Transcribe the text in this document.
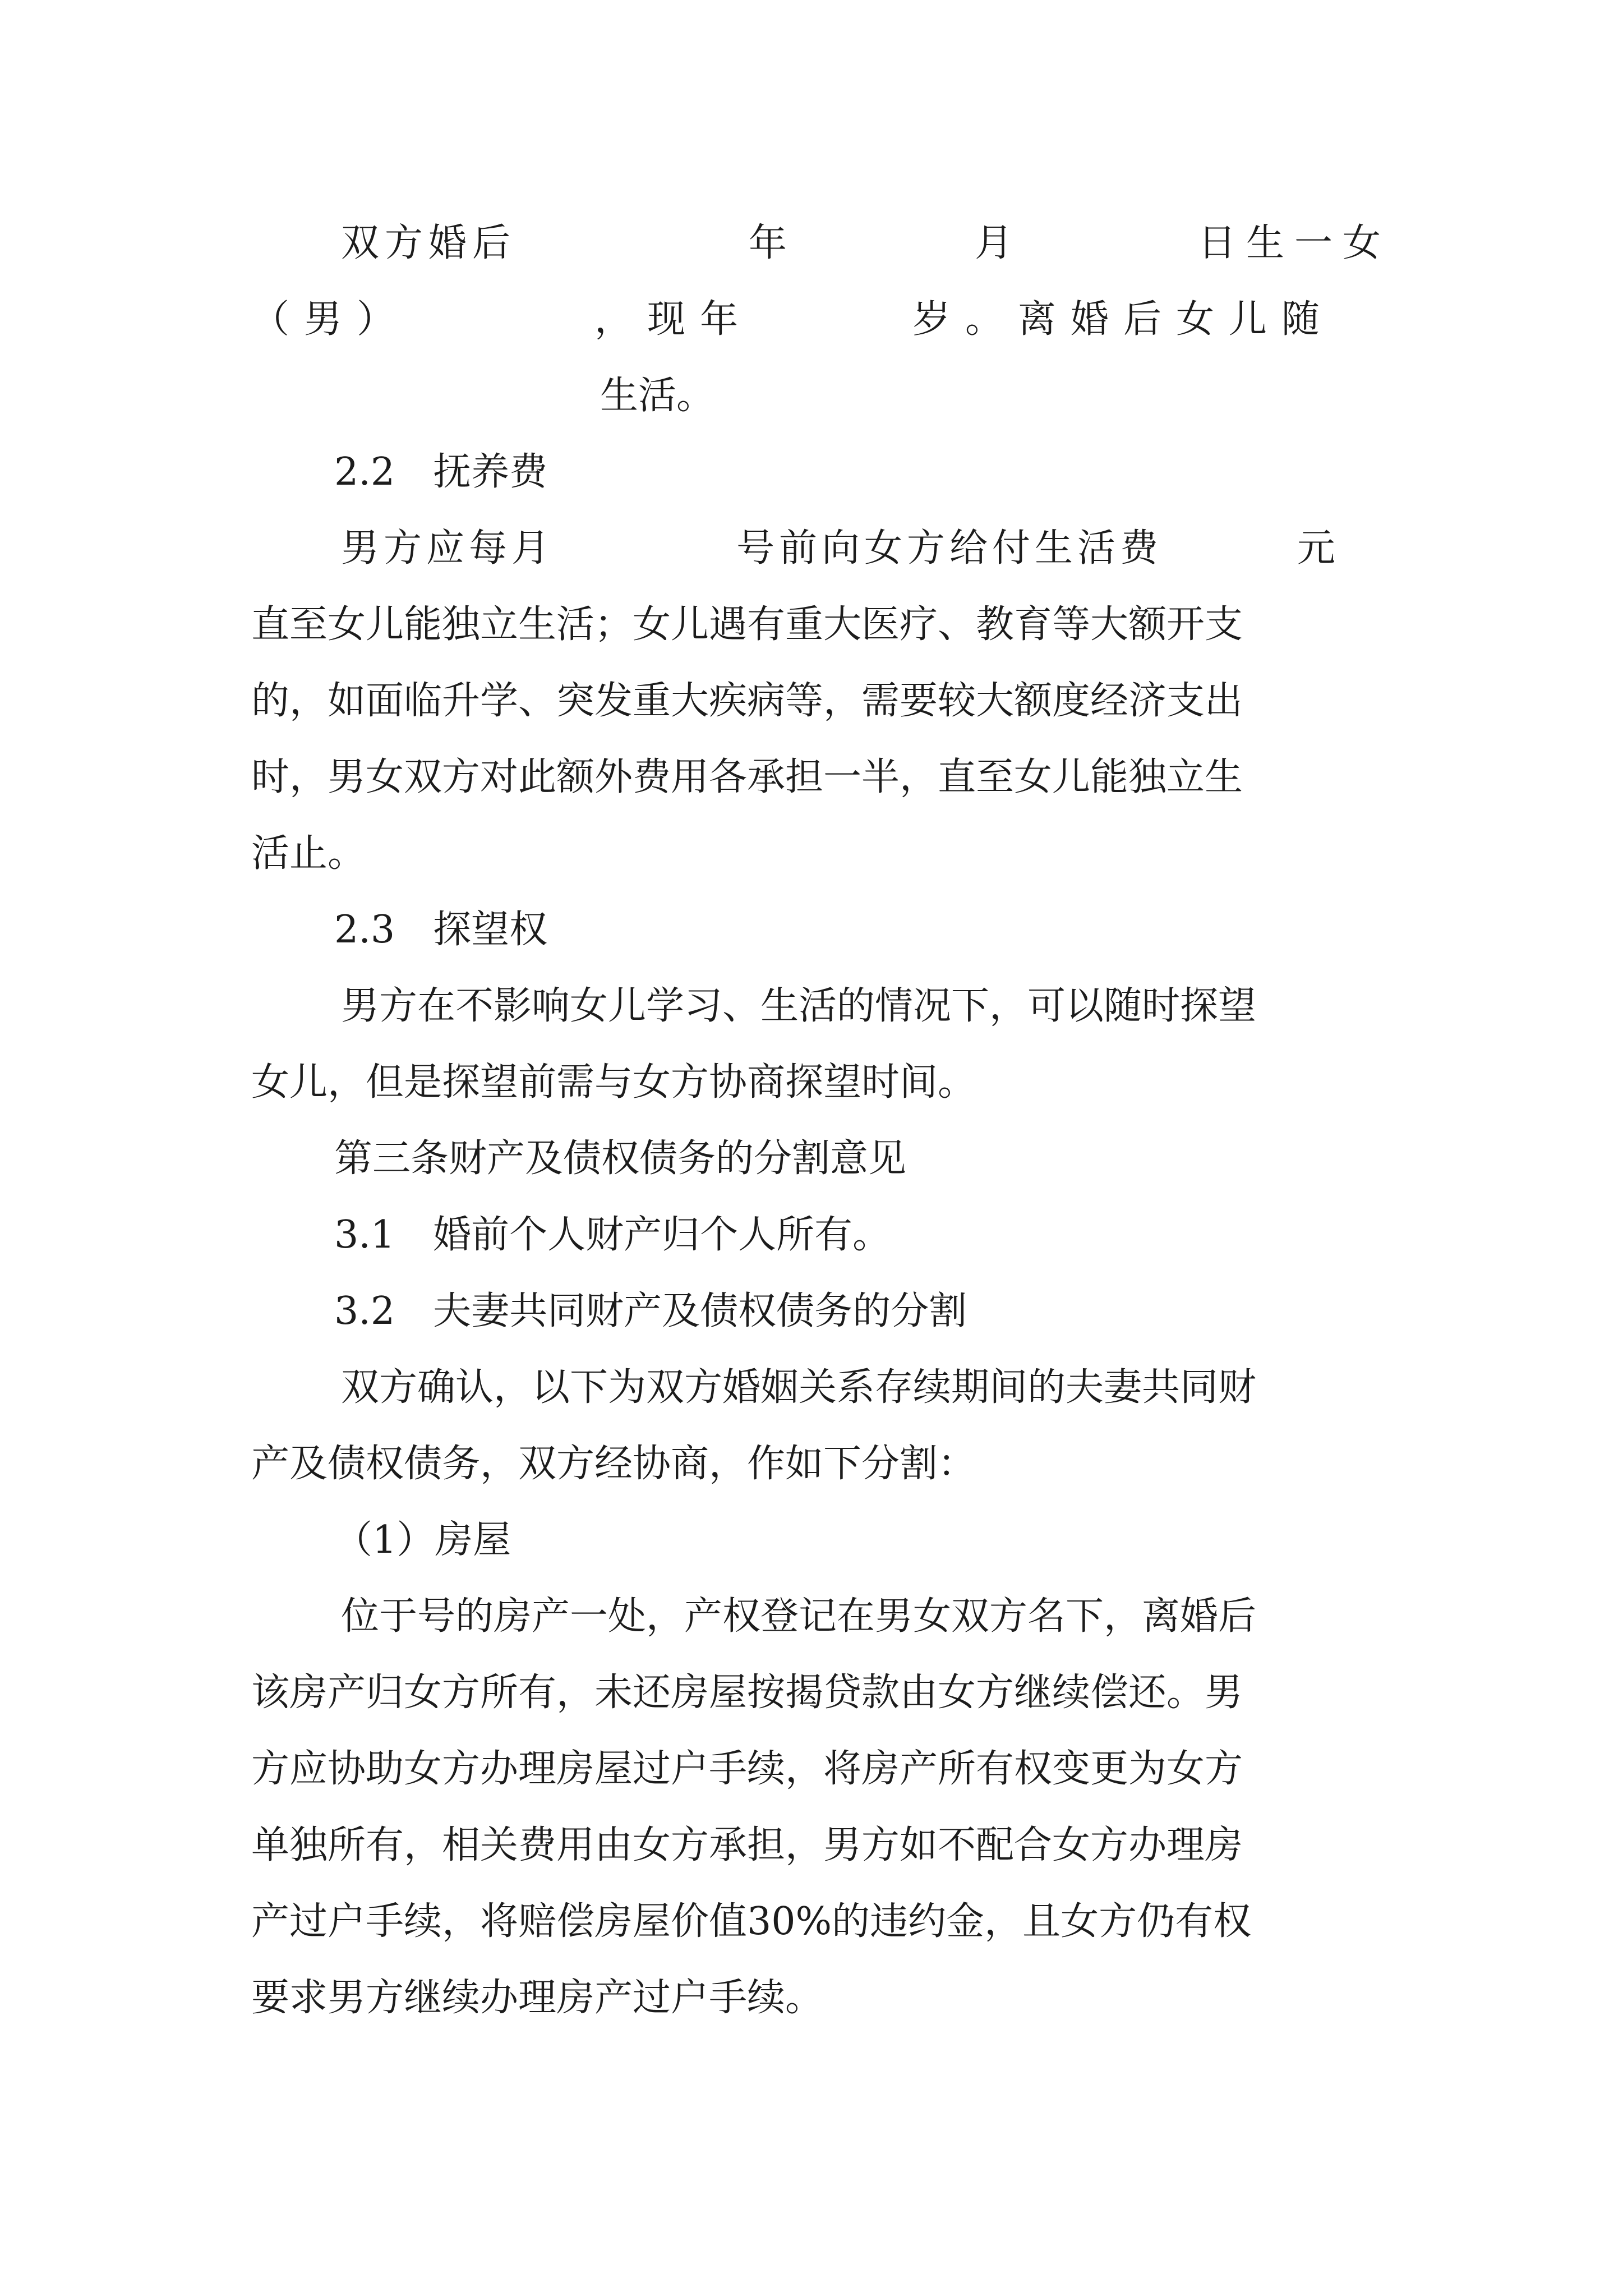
双方婚后	年	月	日生一女
（男）	，现年	岁。离婚后女儿随
生活。
2.2　抚养费
男方应每月	号前向女方给付生活费	元
直至女儿能独立生活；女儿遇有重大医疗、教育等大额开支
的，如面临升学、突发重大疾病等，需要较大额度经济支出
时，男女双方对此额外费用各承担一半，直至女儿能独立生
活止。
2.3　探望权
男方在不影响女儿学习、生活的情况下，可以随时探望
女儿，但是探望前需与女方协商探望时间。
第三条财产及债权债务的分割意见
3.1　婚前个人财产归个人所有。
3.2　夫妻共同财产及债权债务的分割
双方确认，以下为双方婚姻关系存续期间的夫妻共同财
产及债权债务，双方经协商，作如下分割：
（1）房屋
位于号的房产一处，产权登记在男女双方名下，离婚后
该房产归女方所有，未还房屋按揭贷款由女方继续偿还。男
方应协助女方办理房屋过户手续，将房产所有权变更为女方
单独所有，相关费用由女方承担，男方如不配合女方办理房
产过户手续，将赔偿房屋价值30%的违约金，且女方仍有权
要求男方继续办理房产过户手续。
